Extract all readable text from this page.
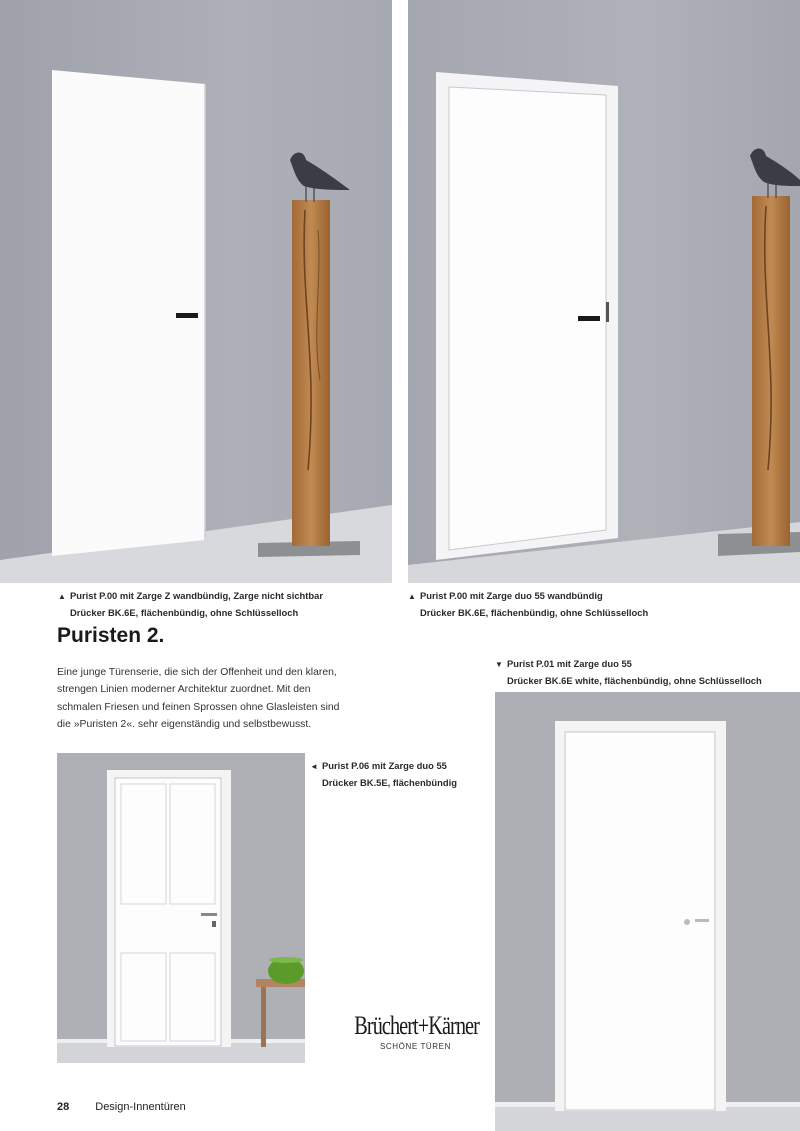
▲ Purist P.00 mit Zarge Z wandbündig, Zarge nicht sichtbar
Drücker BK.6E, flächenbündig, ohne Schlüsselloch
▲ Purist P.00 mit Zarge duo 55 wandbündig
Drücker BK.6E, flächenbündig, ohne Schlüsselloch
Puristen 2.

Eine junge Türenserie, die sich der Offenheit und den klaren, strengen Linien moderner Architektur zuordnet. Mit den schmalen Friesen und feinen Sprossen ohne Glasleisten sind die »Puristen 2«. sehr eigenständig und selbstbewusst.

▼ Purist P.01 mit Zarge duo 55
Drücker BK.6E white, flächenbündig, ohne Schlüsselloch
◄ Purist P.06 mit Zarge duo 55
Drücker BK.5E, flächenbündig
Brüchert+Kärner
SCHÖNE TÜREN
28 Design-Innentüren
